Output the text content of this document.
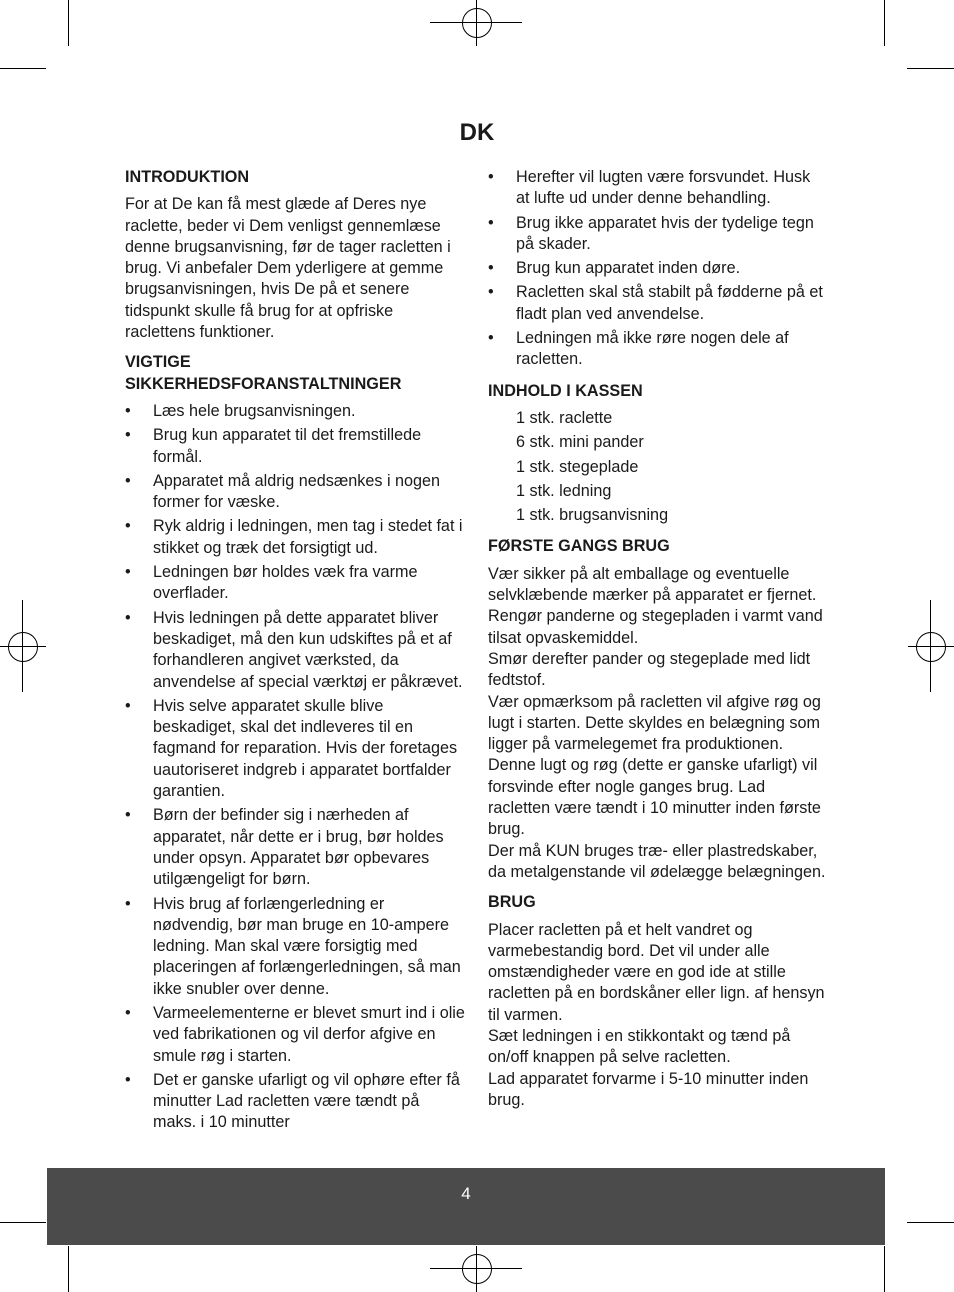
DK
INTRODUKTION

For at De kan få mest glæde af Deres nye raclette, beder vi Dem venligst gennemlæse denne brugsanvisning, før de tager racletten i brug. Vi anbefaler Dem yderligere at gemme brugsanvisningen, hvis De på et senere tidspunkt skulle få brug for at opfriske raclettens funktioner.

VIGTIGE
SIKKERHEDSFORANSTALTNINGER
• Læs hele brugsanvisningen.
• Brug kun apparatet til det fremstillede formål.
• Apparatet må aldrig nedsænkes i nogen former for væske.
• Ryk aldrig i ledningen, men tag i stedet fat i stikket og træk det forsigtigt ud.
• Ledningen bør holdes væk fra varme overflader.
• Hvis ledningen på dette apparatet bliver beskadiget, må den kun udskiftes på et af forhandleren angivet værksted, da anvendelse af special værktøj er påkrævet.
• Hvis selve apparatet skulle blive beskadiget, skal det indleveres til en fagmand for reparation. Hvis der foretages uautoriseret indgreb i apparatet bortfalder garantien.
• Børn der befinder sig i nærheden af apparatet, når dette er i brug, bør holdes under opsyn. Apparatet bør opbevares utilgængeligt for børn.
• Hvis brug af forlængerledning er nødvendig, bør man bruge en 10-ampere ledning. Man skal være forsigtig med placeringen af forlængerledningen, så man ikke snubler over denne.
• Varmeelementerne er blevet smurt ind i olie ved fabrikationen og vil derfor afgive en smule røg i starten.
• Det er ganske ufarligt og vil ophøre efter få minutter Lad racletten være tændt på maks. i 10 minutter
• Herefter vil lugten være forsvundet. Husk at lufte ud under denne behandling.
• Brug ikke apparatet hvis der tydelige tegn på skader.
• Brug kun apparatet inden døre.
• Racletten skal stå stabilt på fødderne på et fladt plan ved anvendelse.
• Ledningen må ikke røre nogen dele af racletten.
INDHOLD I KASSEN
1 stk. raclette
6 stk. mini pander
1 stk. stegeplade
1 stk. ledning
1 stk. brugsanvisning
FØRSTE GANGS BRUG

Vær sikker på alt emballage og eventuelle selvklæbende mærker på apparatet er fjernet.

Rengør panderne og stegepladen i varmt vand tilsat opvaskemiddel.

Smør derefter pander og stegeplade med lidt fedtstof.

Vær opmærksom på racletten vil afgive røg og lugt i starten. Dette skyldes en belægning som ligger på varmelegemet fra produktionen. Denne lugt og røg (dette er ganske ufarligt) vil forsvinde efter nogle ganges brug. Lad racletten være tændt i 10 minutter inden første brug.

Der må KUN bruges træ- eller plastredskaber, da metalgenstande vil ødelægge belægningen.

BRUG

Placer racletten på et helt vandret og varmebestandig bord. Det vil under alle omstændigheder være en god ide at stille racletten på en bordskåner eller lign. af hensyn til varmen.

Sæt ledningen i en stikkontakt og tænd på on/off knappen på selve racletten.

Lad apparatet forvarme i 5-10 minutter inden brug.

4
